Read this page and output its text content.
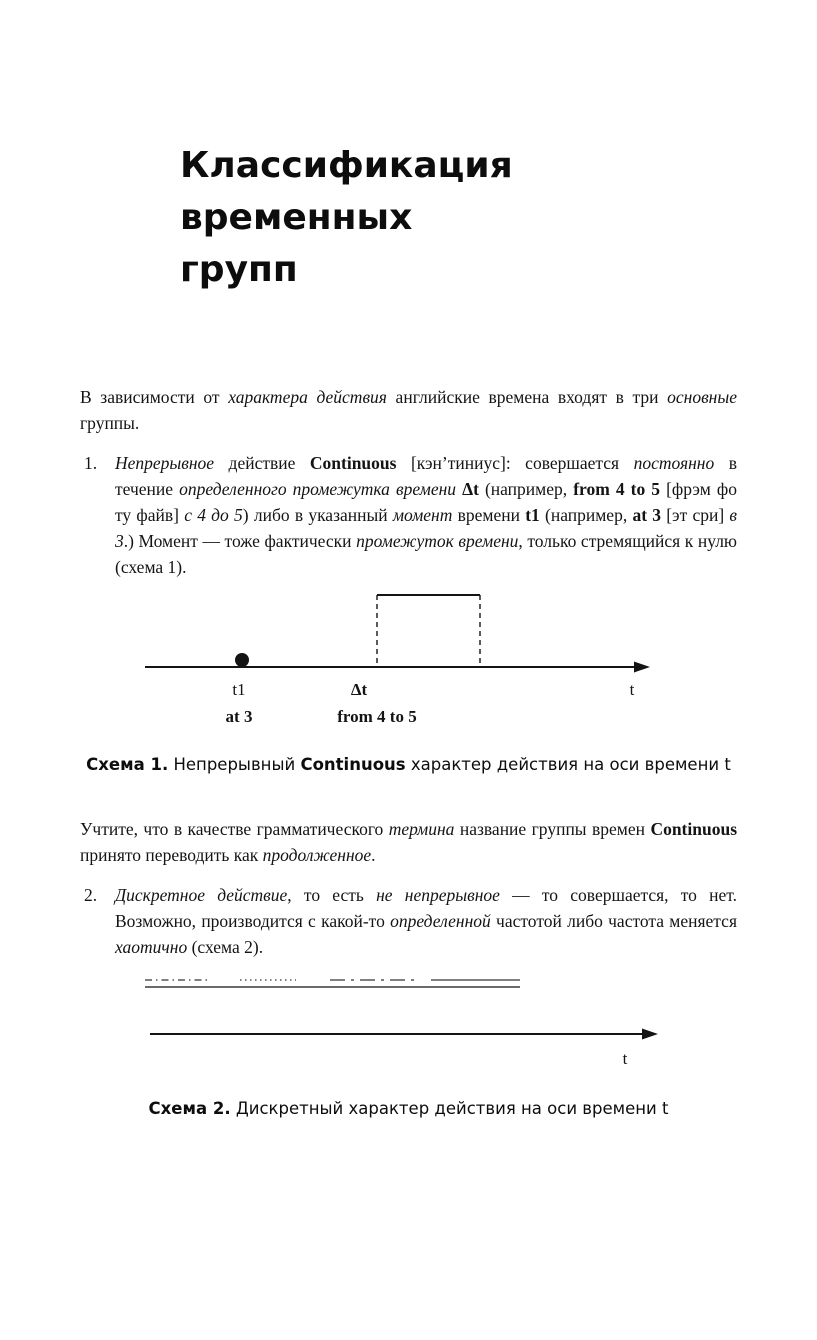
Классификация временных
групп

В зависимости от характера действия английские времена входят в три основные группы.

1.	Непрерывное действие Continuous [кэн’тиниус]: совершается постоянно в течение определенного промежутка времени Δt (например, from 4 to 5 [фрэм фо ту файв] с 4 до 5) либо в указанный момент времени t1 (например, at 3 [эт сри] в 3.) Момент — тоже фактически промежуток времени, только стремящийся к нулю (схема 1).
t1	Δt	t
at 3	from 4 to 5

Схема 1. Непрерывный Continuous характер действия на оси времени t

Учтите, что в качестве грамматического термина название группы времен Continuous принято переводить как продолженное.

2.	Дискретное действие, то есть не непрерывное — то совершается, то нет. Возможно, производится с какой-то определенной частотой либо частота меняется хаотично (схема 2).
t

Схема 2. Дискретный характер действия на оси времени t
